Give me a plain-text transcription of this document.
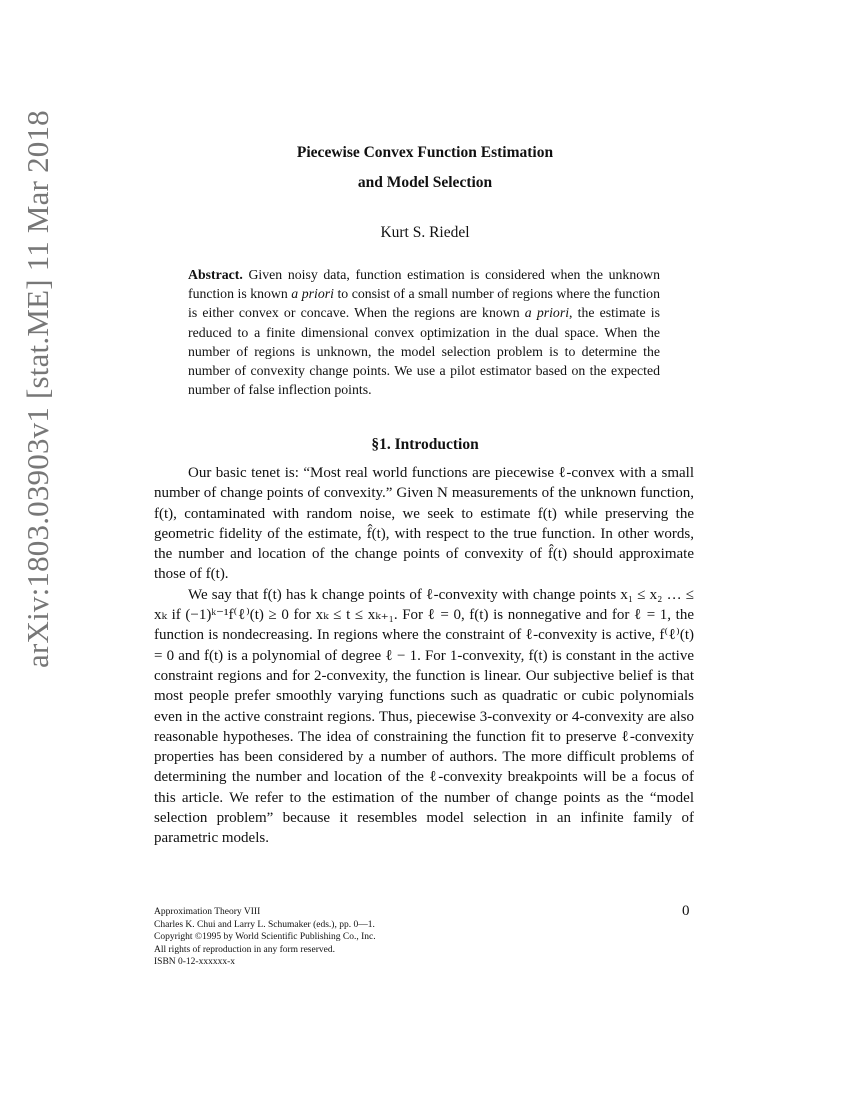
arXiv:1803.03903v1 [stat.ME] 11 Mar 2018	Piecewise Convex Function Estimation
and Model Selection
Kurt S. Riedel
Abstract. Given noisy data, function estimation is considered when the unknown function is known a priori to consist of a small number of regions where the function is either convex or concave. When the regions are known a priori, the estimate is reduced to a finite dimensional convex optimization in the dual space. When the number of regions is unknown, the model selection problem is to determine the number of convexity change points. We use a pilot estimator based on the expected number of false inflection points.
§1. Introduction

Our basic tenet is: “Most real world functions are piecewise ℓ-convex with a small number of change points of convexity.” Given N measurements of the unknown function, f(t), contaminated with random noise, we seek to estimate f(t) while preserving the geometric fidelity of the estimate, f̂(t), with respect to the true function. In other words, the number and location of the change points of convexity of f̂(t) should approximate those of f(t).

We say that f(t) has k change points of ℓ-convexity with change points x₁ ≤ x₂ … ≤ xₖ if (−1)ᵏ⁻¹f⁽ℓ⁾(t) ≥ 0 for xₖ ≤ t ≤ xₖ₊₁. For ℓ = 0, f(t) is nonnegative and for ℓ = 1, the function is nondecreasing. In regions where the constraint of ℓ-convexity is active, f⁽ℓ⁾(t) = 0 and f(t) is a polynomial of degree ℓ − 1. For 1-convexity, f(t) is constant in the active constraint regions and for 2-convexity, the function is linear. Our subjective belief is that most people prefer smoothly varying functions such as quadratic or cubic polynomials even in the active constraint regions. Thus, piecewise 3-convexity or 4-convexity are also reasonable hypotheses. The idea of constraining the function fit to preserve ℓ-convexity properties has been considered by a number of authors. The more difficult problems of determining the number and location of the ℓ-convexity breakpoints will be a focus of this article. We refer to the estimation of the number of change points as the “model selection problem” because it resembles model selection in an infinite family of parametric models.

Approximation Theory VIII
Charles K. Chui and Larry L. Schumaker (eds.), pp. 0—1.
Copyright ©1995 by World Scientific Publishing Co., Inc.
All rights of reproduction in any form reserved.
ISBN 0-12-xxxxxx-x
0
